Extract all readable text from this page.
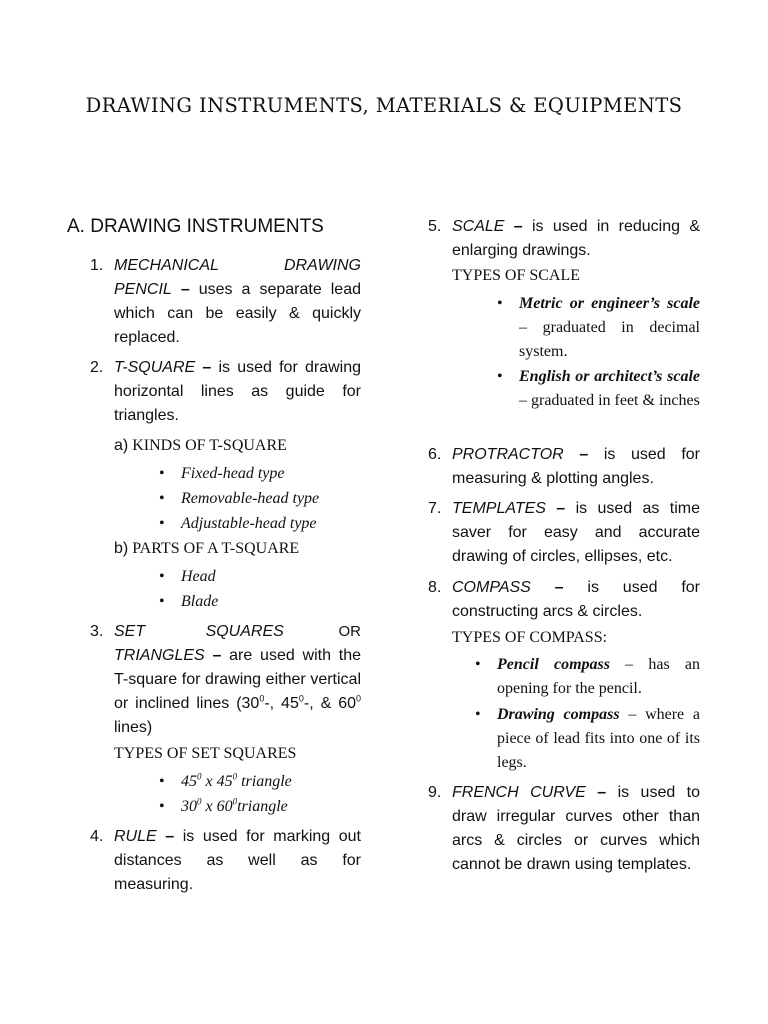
DRAWING INSTRUMENTS, MATERIALS & EQUIPMENTS
A. DRAWING INSTRUMENTS
1. MECHANICAL	DRAWING
PENCIL – uses a separate lead which can be easily & quickly replaced.
2. T-SQUARE – is used for drawing horizontal lines as guide for triangles.
a) KINDS OF T-SQUARE
• Fixed-head type
• Removable-head type
• Adjustable-head type
b) PARTS OF A T-SQUARE
• Head
• Blade
3. SET SQUARES	OR
TRIANGLES – are used with the T-square for drawing either vertical or inclined lines ($30^0-$, $45^0-$, & $60^0$ lines)
TYPES OF SET SQUARES
• $45^0$ x $45^0$ triangle
• $30^0$ x $60^0triangle$
4. RULE – is used for marking out distances as well as for measuring.
5. SCALE – is used in reducing & enlarging drawings.
TYPES OF SCALE
• Metric or engineer’s scale – graduated in decimal system.
• English or architect’s scale – graduated in feet & inches
6. PROTRACTOR – is used for measuring & plotting angles.
7. TEMPLATES – is used as time saver for easy and accurate drawing of circles, ellipses, etc.
8. COMPASS – is used for constructing arcs & circles.
TYPES OF COMPASS:
• Pencil compass – has an opening for the pencil.
• Drawing compass – where a piece of lead fits into one of its legs.
9. FRENCH CURVE – is used to draw irregular curves other than arcs & circles or curves which cannot be drawn using templates.
